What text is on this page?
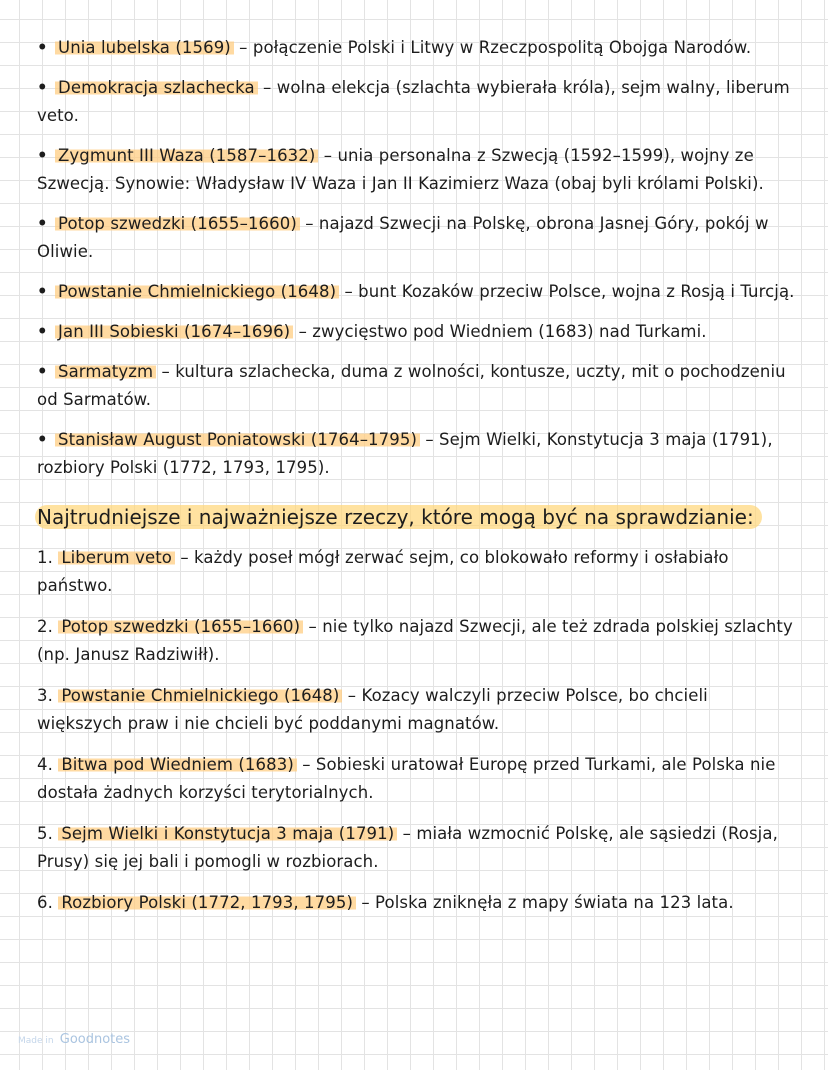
• Unia lubelska (1569) – połączenie Polski i Litwy w Rzeczpospolitą Obojga Narodów.
• Demokracja szlachecka – wolna elekcja (szlachta wybierała króla), sejm walny, liberum veto.
• Zygmunt III Waza (1587–1632) – unia personalna z Szwecją (1592–1599), wojny ze Szwecją. Synowie: Władysław IV Waza i Jan II Kazimierz Waza (obaj byli królami Polski).
• Potop szwedzki (1655–1660) – najazd Szwecji na Polskę, obrona Jasnej Góry, pokój w Oliwie.
• Powstanie Chmielnickiego (1648) – bunt Kozaków przeciw Polsce, wojna z Rosją i Turcją.
• Jan III Sobieski (1674–1696) – zwycięstwo pod Wiedniem (1683) nad Turkami.
• Sarmatyzm – kultura szlachecka, duma z wolności, kontusze, uczty, mit o pochodzeniu od Sarmatów.
• Stanisław August Poniatowski (1764–1795) – Sejm Wielki, Konstytucja 3 maja (1791), rozbiory Polski (1772, 1793, 1795).
Najtrudniejsze i najważniejsze rzeczy, które mogą być na sprawdzianie:
1. Liberum veto – każdy poseł mógł zerwać sejm, co blokowało reformy i osłabiało państwo.
2. Potop szwedzki (1655–1660) – nie tylko najazd Szwecji, ale też zdrada polskiej szlachty (np. Janusz Radziwiłł).
3. Powstanie Chmielnickiego (1648) – Kozacy walczyli przeciw Polsce, bo chcieli większych praw i nie chcieli być poddanymi magnatów.
4. Bitwa pod Wiedniem (1683) – Sobieski uratował Europę przed Turkami, ale Polska nie dostała żadnych korzyści terytorialnych.
5. Sejm Wielki i Konstytucja 3 maja (1791) – miała wzmocnić Polskę, ale sąsiedzi (Rosja, Prusy) się jej bali i pomogli w rozbiorach.
6. Rozbiory Polski (1772, 1793, 1795) – Polska zniknęła z mapy świata na 123 lata.
Made in Goodnotes
